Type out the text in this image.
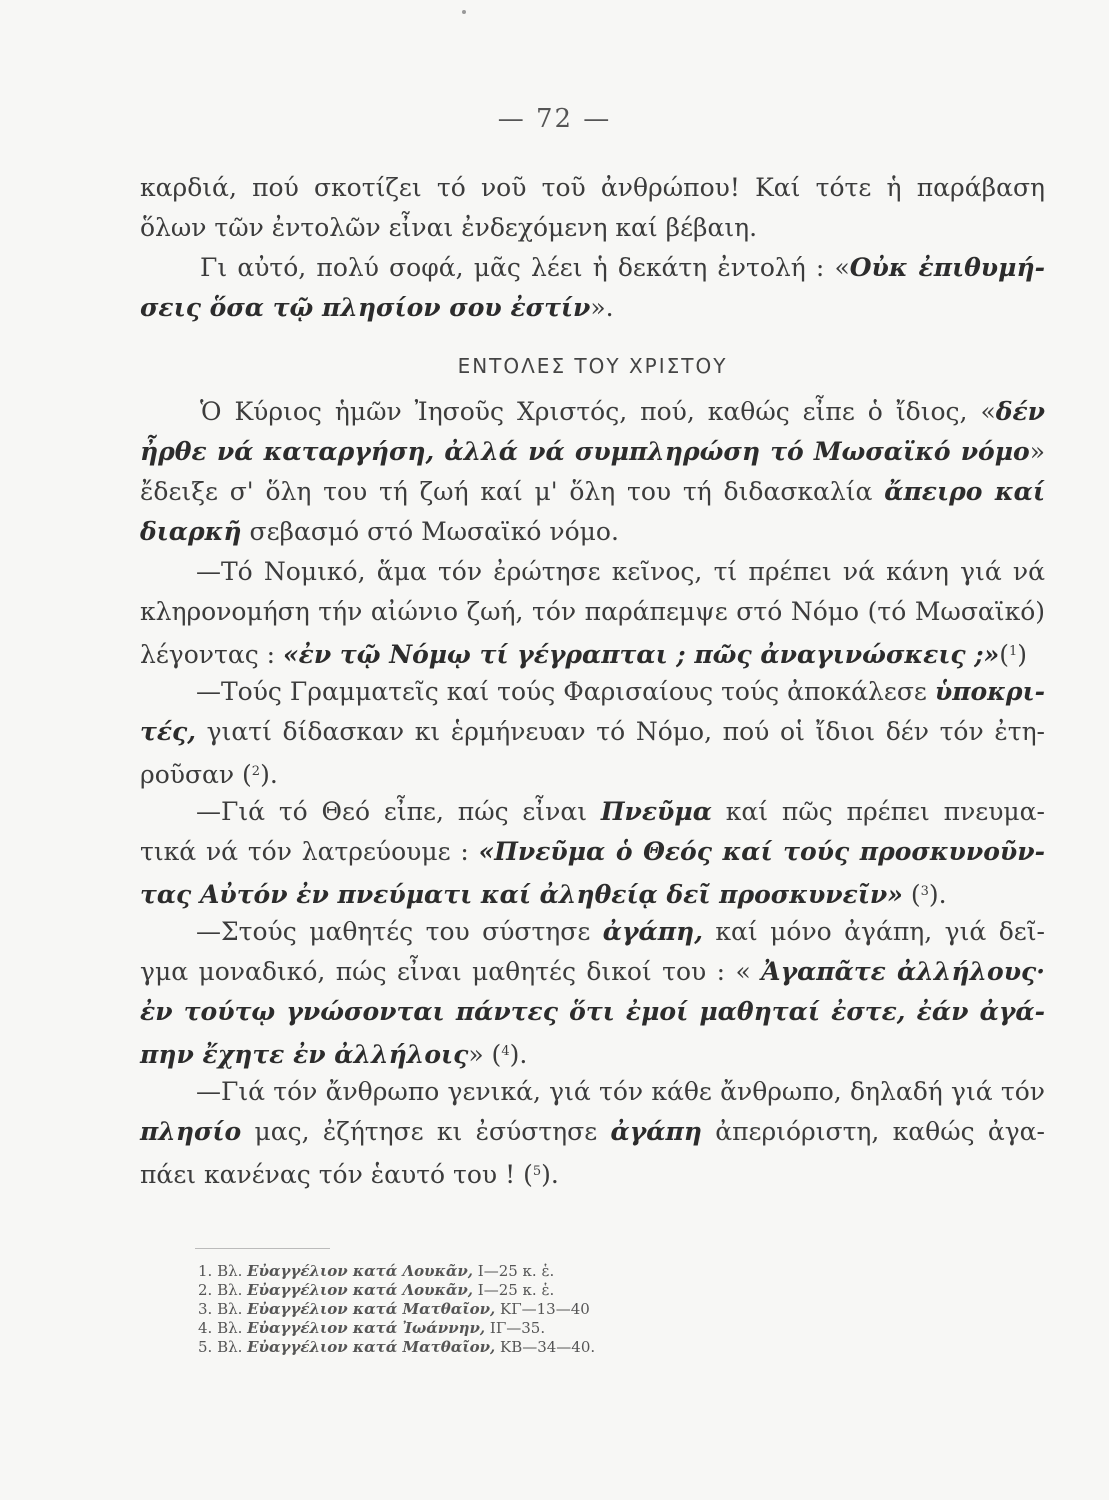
— 72 —
καρδιά, πού σκοτίζει τό νοῦ τοῦ ἀνθρώπου! Καί τότε ἡ παράβαση
ὅλων τῶν ἐντολῶν εἶναι ἐνδεχόμενη καί βέβαιη.
Γι αὐτό, πολύ σοφά, μᾶς λέει ἡ δεκάτη ἐντολή : «Οὐκ ἐπιθυμή-
σεις ὅσα τῷ πλησίον σου ἐστίν».
ΕΝΤΟΛΕΣ ΤΟΥ ΧΡΙΣΤΟΥ
Ὁ Κύριος ἡμῶν Ἰησοῦς Χριστός, πού, καθώς εἶπε ὁ ἴδιος, «δέν
ἦρθε νά καταργήση, ἀλλά νά συμπληρώση τό Μωσαϊκό νόμο»
ἔδειξε σ' ὅλη του τή ζωή καί μ' ὅλη του τή διδασκαλία ἄπειρο καί
διαρκῆ σεβασμό στό Μωσαϊκό νόμο.
—Τό Νομικό, ἅμα τόν ἐρώτησε κεῖνος, τί πρέπει νά κάνη γιά νά
κληρονομήση τήν αἰώνιο ζωή, τόν παράπεμψε στό Νόμο (τό Μωσαϊκό)
λέγοντας : «ἐν τῷ Νόμῳ τί γέγραπται ; πῶς ἀναγινώσκεις ;»($^1$)
—Τούς Γραμματεῖς καί τούς Φαρισαίους τούς ἀποκάλεσε ὑποκρι-
τές, γιατί δίδασκαν κι ἑρμήνευαν τό Νόμο, πού οἱ ἴδιοι δέν τόν ἐτη-
ροῦσαν ($^2$).
—Γιά τό Θεό εἶπε, πώς εἶναι Πνεῦμα καί πῶς πρέπει πνευμα-
τικά νά τόν λατρεύουμε : «Πνεῦμα ὁ Θεός καί τούς προσκυνοῦν-
τας Αὐτόν ἐν πνεύματι καί ἀληθείᾳ δεῖ προσκυνεῖν» ($^3$).
—Στούς μαθητές του σύστησε ἀγάπη, καί μόνο ἀγάπη, γιά δεῖ-
γμα μοναδικό, πώς εἶναι μαθητές δικοί του : « Ἀγαπᾶτε ἀλλήλους·
ἐν τούτῳ γνώσονται πάντες ὅτι ἐμοί μαθηταί ἐστε, ἐάν ἀγά-
πην ἔχητε ἐν ἀλλήλοις» ($^4$).
—Γιά τόν ἄνθρωπο γενικά, γιά τόν κάθε ἄνθρωπο, δηλαδή γιά τόν
πλησίο μας, ἐζήτησε κι ἐσύστησε ἀγάπη ἀπεριόριστη, καθώς ἀγα-
πάει κανένας τόν ἑαυτό του ! ($^5$).
1. Βλ. Εὐαγγέλιον κατά Λουκᾶν, Ι—25 κ. ἑ.
2. Βλ. Εὐαγγέλιον κατά Λουκᾶν, Ι—25 κ. ἑ.
3. Βλ. Εὐαγγέλιον κατά Ματθαῖον, ΚΓ—13—40
4. Βλ. Εὐαγγέλιον κατά Ἰωάννην, ΙΓ—35.
5. Βλ. Εὐαγγέλιον κατά Ματθαῖον, ΚΒ—34—40.
